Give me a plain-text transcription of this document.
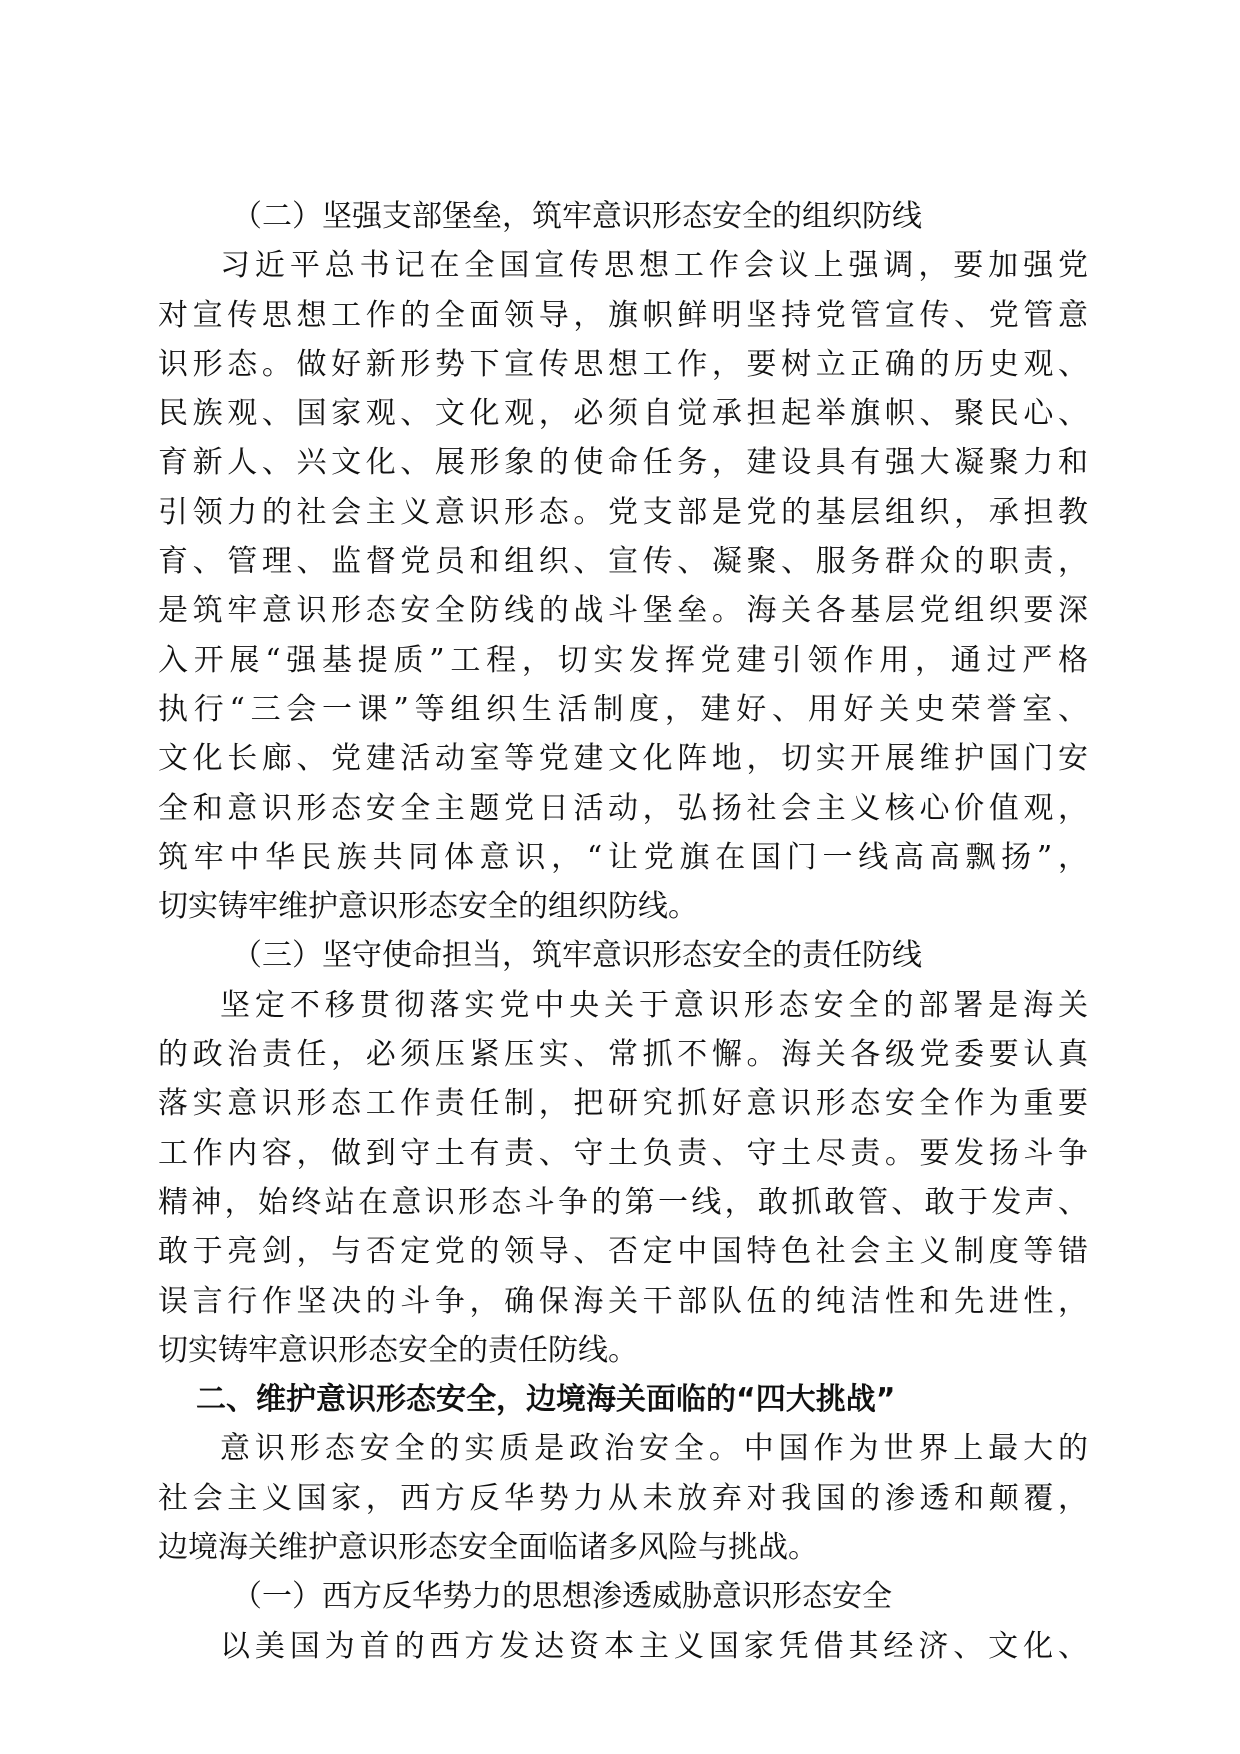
（二）坚强支部堡垒，筑牢意识形态安全的组织防线
习近平总书记在全国宣传思想工作会议上强调，要加强党
对宣传思想工作的全面领导，旗帜鲜明坚持党管宣传、党管意
识形态。做好新形势下宣传思想工作，要树立正确的历史观、
民族观、国家观、文化观，必须自觉承担起举旗帜、聚民心、
育新人、兴文化、展形象的使命任务，建设具有强大凝聚力和
引领力的社会主义意识形态。党支部是党的基层组织，承担教
育、管理、监督党员和组织、宣传、凝聚、服务群众的职责，
是筑牢意识形态安全防线的战斗堡垒。海关各基层党组织要深
入开展“强基提质”工程，切实发挥党建引领作用，通过严格
执行“三会一课”等组织生活制度，建好、用好关史荣誉室、
文化长廊、党建活动室等党建文化阵地，切实开展维护国门安
全和意识形态安全主题党日活动，弘扬社会主义核心价值观，
筑牢中华民族共同体意识，“让党旗在国门一线高高飘扬”，
切实铸牢维护意识形态安全的组织防线。
（三）坚守使命担当，筑牢意识形态安全的责任防线
坚定不移贯彻落实党中央关于意识形态安全的部署是海关
的政治责任，必须压紧压实、常抓不懈。海关各级党委要认真
落实意识形态工作责任制，把研究抓好意识形态安全作为重要
工作内容，做到守土有责、守土负责、守土尽责。要发扬斗争
精神，始终站在意识形态斗争的第一线，敢抓敢管、敢于发声、
敢于亮剑，与否定党的领导、否定中国特色社会主义制度等错
误言行作坚决的斗争，确保海关干部队伍的纯洁性和先进性，
切实铸牢意识形态安全的责任防线。
二、维护意识形态安全，边境海关面临的“四大挑战”
意识形态安全的实质是政治安全。中国作为世界上最大的
社会主义国家，西方反华势力从未放弃对我国的渗透和颠覆，
边境海关维护意识形态安全面临诸多风险与挑战。
（一）西方反华势力的思想渗透威胁意识形态安全
以美国为首的西方发达资本主义国家凭借其经济、文化、
